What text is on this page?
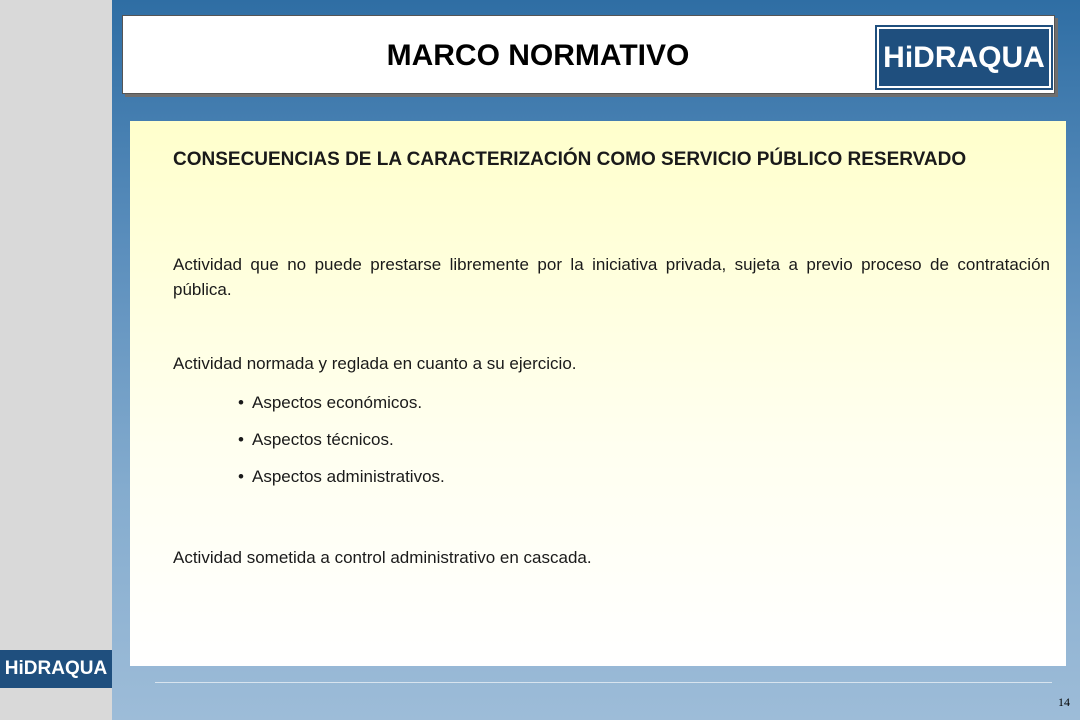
HiDRAQUA
MARCO NORMATIVO	HiDRAQUA
CONSECUENCIAS DE LA CARACTERIZACIÓN COMO SERVICIO PÚBLICO RESERVADO
Actividad que no puede prestarse libremente por la iniciativa privada, sujeta a previo proceso de contratación pública.
Actividad normada y reglada en cuanto a su ejercicio.
• Aspectos económicos.
• Aspectos técnicos.
• Aspectos administrativos.
Actividad sometida a control administrativo en cascada.
14
